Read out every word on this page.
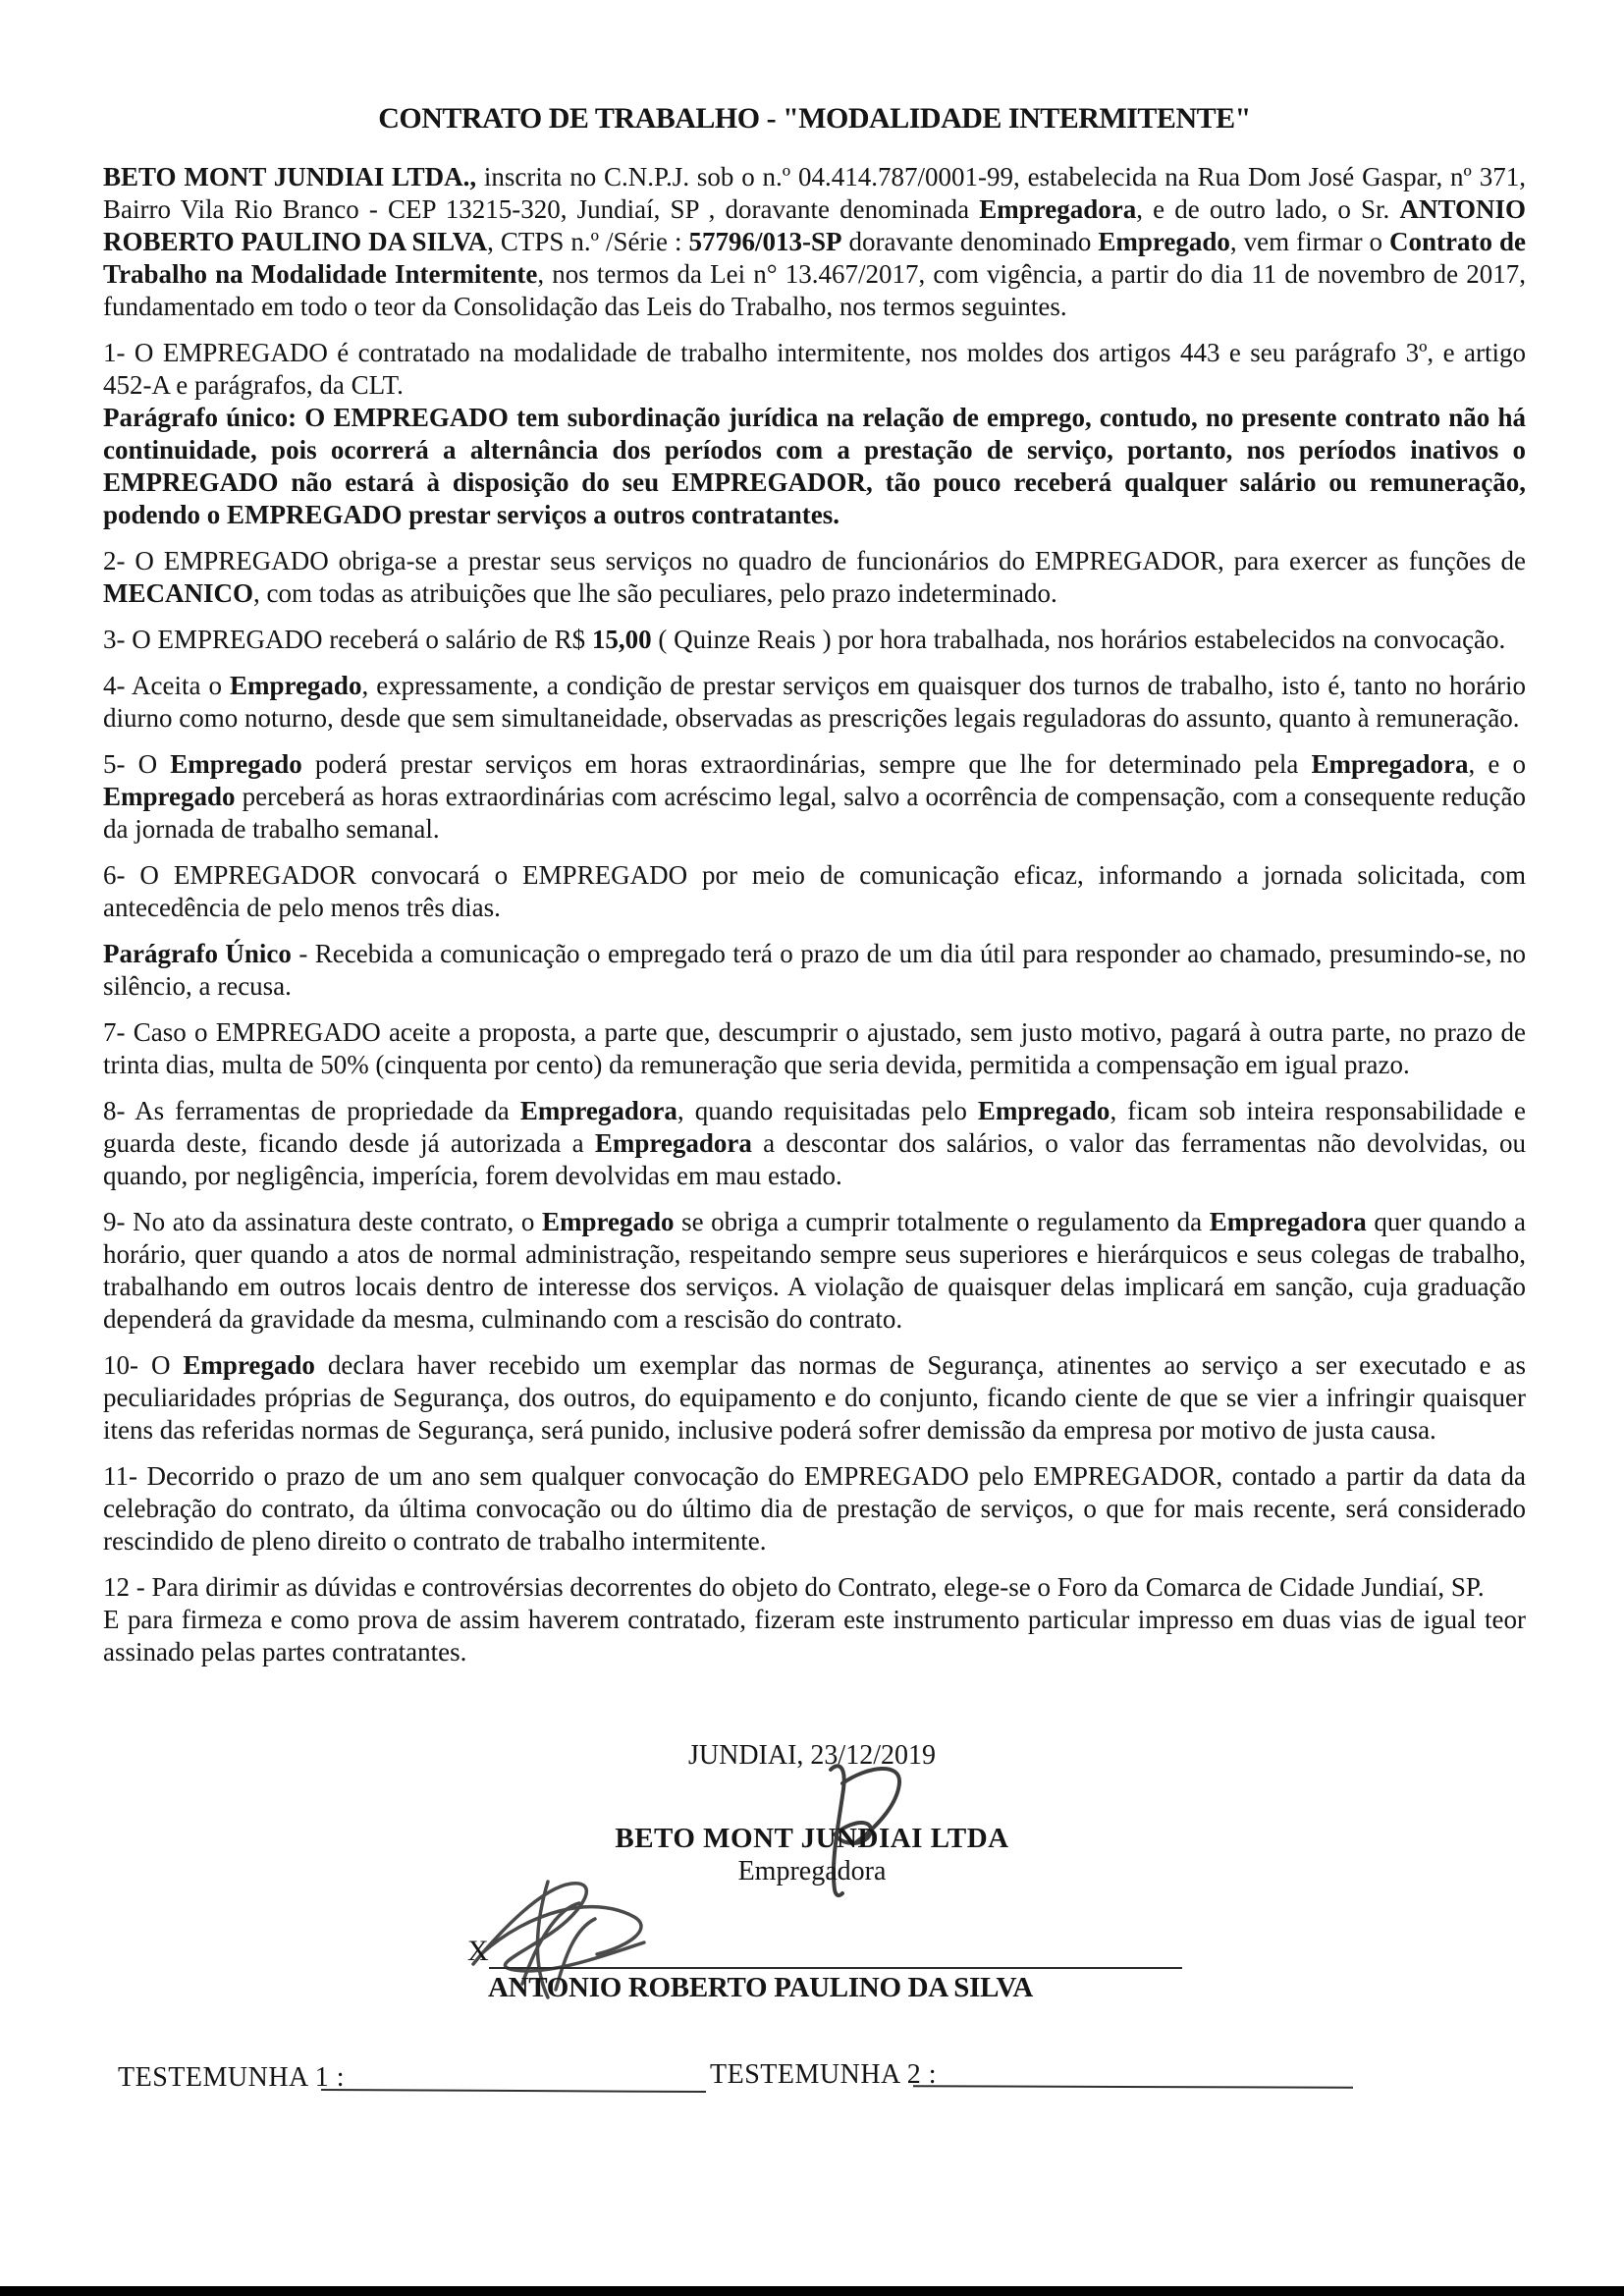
CONTRATO DE TRABALHO - "MODALIDADE INTERMITENTE"

BETO MONT JUNDIAI LTDA., inscrita no C.N.P.J. sob o n.º 04.414.787/0001-99, estabelecida na Rua Dom José Gaspar, nº 371, Bairro Vila Rio Branco - CEP 13215-320, Jundiaí, SP , doravante denominada Empregadora, e de outro lado, o Sr. ANTONIO ROBERTO PAULINO DA SILVA, CTPS n.º /Série : 57796/013-SP doravante denominado Empregado, vem firmar o Contrato de Trabalho na Modalidade Intermitente, nos termos da Lei n° 13.467/2017, com vigência, a partir do dia 11 de novembro de 2017, fundamentado em todo o teor da Consolidação das Leis do Trabalho, nos termos seguintes.

1- O EMPREGADO é contratado na modalidade de trabalho intermitente, nos moldes dos artigos 443 e seu parágrafo 3º, e artigo 452-A e parágrafos, da CLT.

Parágrafo único: O EMPREGADO tem subordinação jurídica na relação de emprego, contudo, no presente contrato não há continuidade, pois ocorrerá a alternância dos períodos com a prestação de serviço, portanto, nos períodos inativos o EMPREGADO não estará à disposição do seu EMPREGADOR, tão pouco receberá qualquer salário ou remuneração, podendo o EMPREGADO prestar serviços a outros contratantes.

2- O EMPREGADO obriga-se a prestar seus serviços no quadro de funcionários do EMPREGADOR, para exercer as funções de MECANICO, com todas as atribuições que lhe são peculiares, pelo prazo indeterminado.

3- O EMPREGADO receberá o salário de R$ 15,00 ( Quinze Reais ) por hora trabalhada, nos horários estabelecidos na convocação.

4- Aceita o Empregado, expressamente, a condição de prestar serviços em quaisquer dos turnos de trabalho, isto é, tanto no horário diurno como noturno, desde que sem simultaneidade, observadas as prescrições legais reguladoras do assunto, quanto à remuneração.

5- O Empregado poderá prestar serviços em horas extraordinárias, sempre que lhe for determinado pela Empregadora, e o Empregado perceberá as horas extraordinárias com acréscimo legal, salvo a ocorrência de compensação, com a consequente redução da jornada de trabalho semanal.

6- O EMPREGADOR convocará o EMPREGADO por meio de comunicação eficaz, informando a jornada solicitada, com antecedência de pelo menos três dias.

Parágrafo Único - Recebida a comunicação o empregado terá o prazo de um dia útil para responder ao chamado, presumindo-se, no silêncio, a recusa.

7- Caso o EMPREGADO aceite a proposta, a parte que, descumprir o ajustado, sem justo motivo, pagará à outra parte, no prazo de trinta dias, multa de 50% (cinquenta por cento) da remuneração que seria devida, permitida a compensação em igual prazo.

8- As ferramentas de propriedade da Empregadora, quando requisitadas pelo Empregado, ficam sob inteira responsabilidade e guarda deste, ficando desde já autorizada a Empregadora a descontar dos salários, o valor das ferramentas não devolvidas, ou quando, por negligência, imperícia, forem devolvidas em mau estado.

9- No ato da assinatura deste contrato, o Empregado se obriga a cumprir totalmente o regulamento da Empregadora quer quando a horário, quer quando a atos de normal administração, respeitando sempre seus superiores e hierárquicos e seus colegas de trabalho, trabalhando em outros locais dentro de interesse dos serviços. A violação de quaisquer delas implicará em sanção, cuja graduação dependerá da gravidade da mesma, culminando com a rescisão do contrato.

10- O Empregado declara haver recebido um exemplar das normas de Segurança, atinentes ao serviço a ser executado e as peculiaridades próprias de Segurança, dos outros, do equipamento e do conjunto, ficando ciente de que se vier a infringir quaisquer itens das referidas normas de Segurança, será punido, inclusive poderá sofrer demissão da empresa por motivo de justa causa.

11- Decorrido o prazo de um ano sem qualquer convocação do EMPREGADO pelo EMPREGADOR, contado a partir da data da celebração do contrato, da última convocação ou do último dia de prestação de serviços, o que for mais recente, será considerado rescindido de pleno direito o contrato de trabalho intermitente.

12 - Para dirimir as dúvidas e controvérsias decorrentes do objeto do Contrato, elege-se o Foro da Comarca de Cidade Jundiaí, SP.

E para firmeza e como prova de assim haverem contratado, fizeram este instrumento particular impresso em duas vias de igual teor assinado pelas partes contratantes.

JUNDIAI, 23/12/2019
BETO MONT JUNDIAI LTDA
Empregadora
X
ANTONIO ROBERTO PAULINO DA SILVA
TESTEMUNHA 1 :	TESTEMUNHA 2 :
